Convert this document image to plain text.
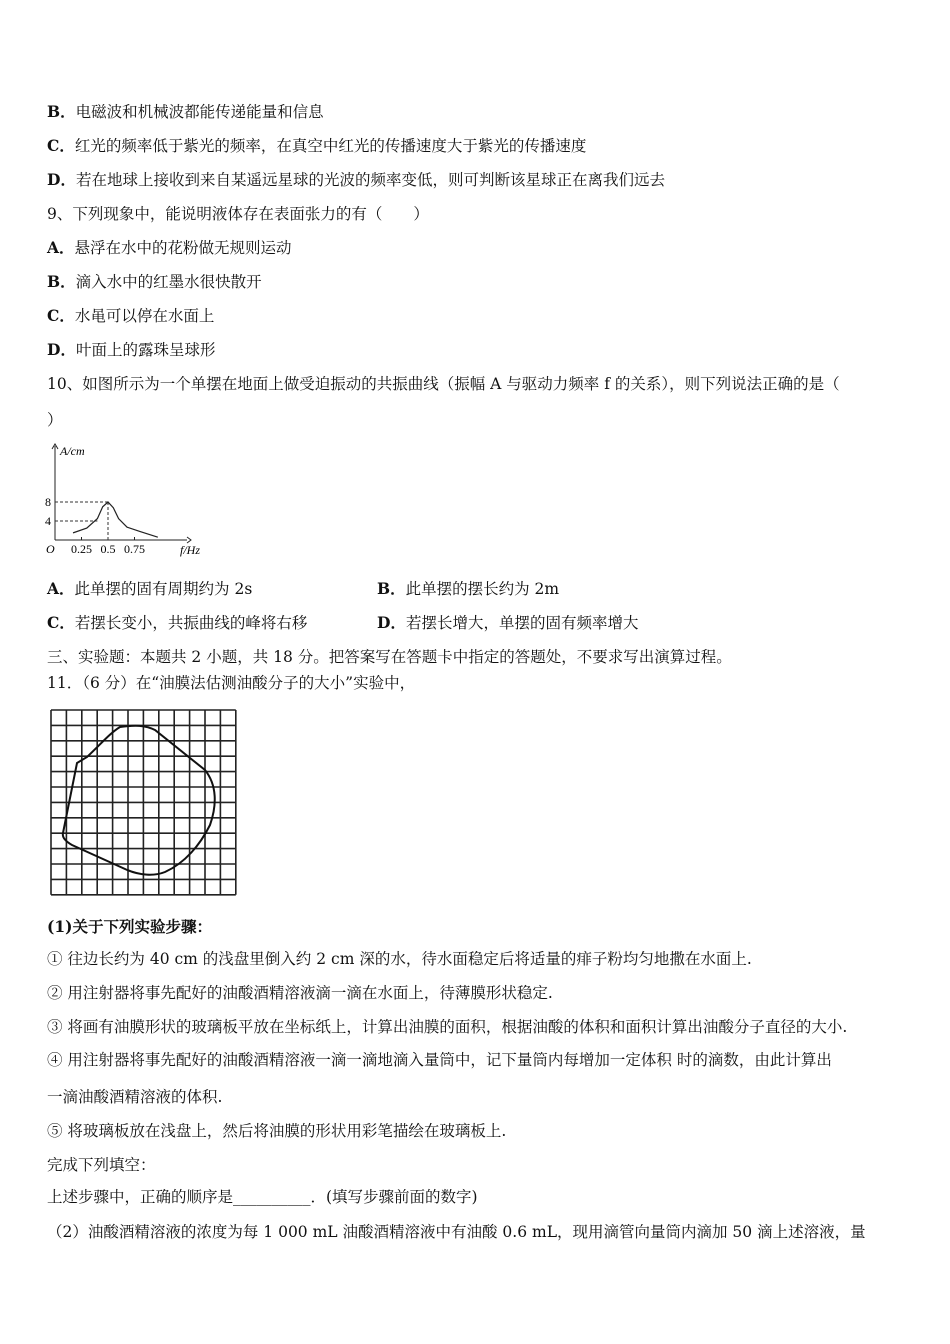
B．电磁波和机械波都能传递能量和信息
C．红光的频率低于紫光的频率，在真空中红光的传播速度大于紫光的传播速度
D．若在地球上接收到来自某遥远星球的光波的频率变低，则可判断该星球正在离我们远去
9、下列现象中，能说明液体存在表面张力的有（　　）
A．悬浮在水中的花粉做无规则运动
B．滴入水中的红墨水很快散开
C．水黾可以停在水面上
D．叶面上的露珠呈球形
10、如图所示为一个单摆在地面上做受迫振动的共振曲线（振幅 A 与驱动力频率 f 的关系），则下列说法正确的是（
）
A/cm
f/Hz
O 0.25 0.5 0.75
4
8
A．此单摆的固有周期约为 2s	B．此单摆的摆长约为 2m
C．若摆长变小，共振曲线的峰将右移	D．若摆长增大，单摆的固有频率增大
三、实验题：本题共 2 小题，共 18 分。把答案写在答题卡中指定的答题处，不要求写出演算过程。
11．（6 分）在“油膜法估测油酸分子的大小”实验中，
(1)关于下列实验步骤：
① 往边长约为 40 cm 的浅盘里倒入约 2 cm 深的水，待水面稳定后将适量的痱子粉均匀地撒在水面上.
② 用注射器将事先配好的油酸酒精溶液滴一滴在水面上，待薄膜形状稳定.
③ 将画有油膜形状的玻璃板平放在坐标纸上，计算出油膜的面积，根据油酸的体积和面积计算出油酸分子直径的大小.
④ 用注射器将事先配好的油酸酒精溶液一滴一滴地滴入量筒中，记下量筒内每增加一定体积 时的滴数，由此计算出
一滴油酸酒精溶液的体积.
⑤ 将玻璃板放在浅盘上，然后将油膜的形状用彩笔描绘在玻璃板上.
完成下列填空：
上述步骤中，正确的顺序是__________．(填写步骤前面的数字)
（2）油酸酒精溶液的浓度为每 1 000 mL 油酸酒精溶液中有油酸 0.6 mL，现用滴管向量筒内滴加 50 滴上述溶液，量
